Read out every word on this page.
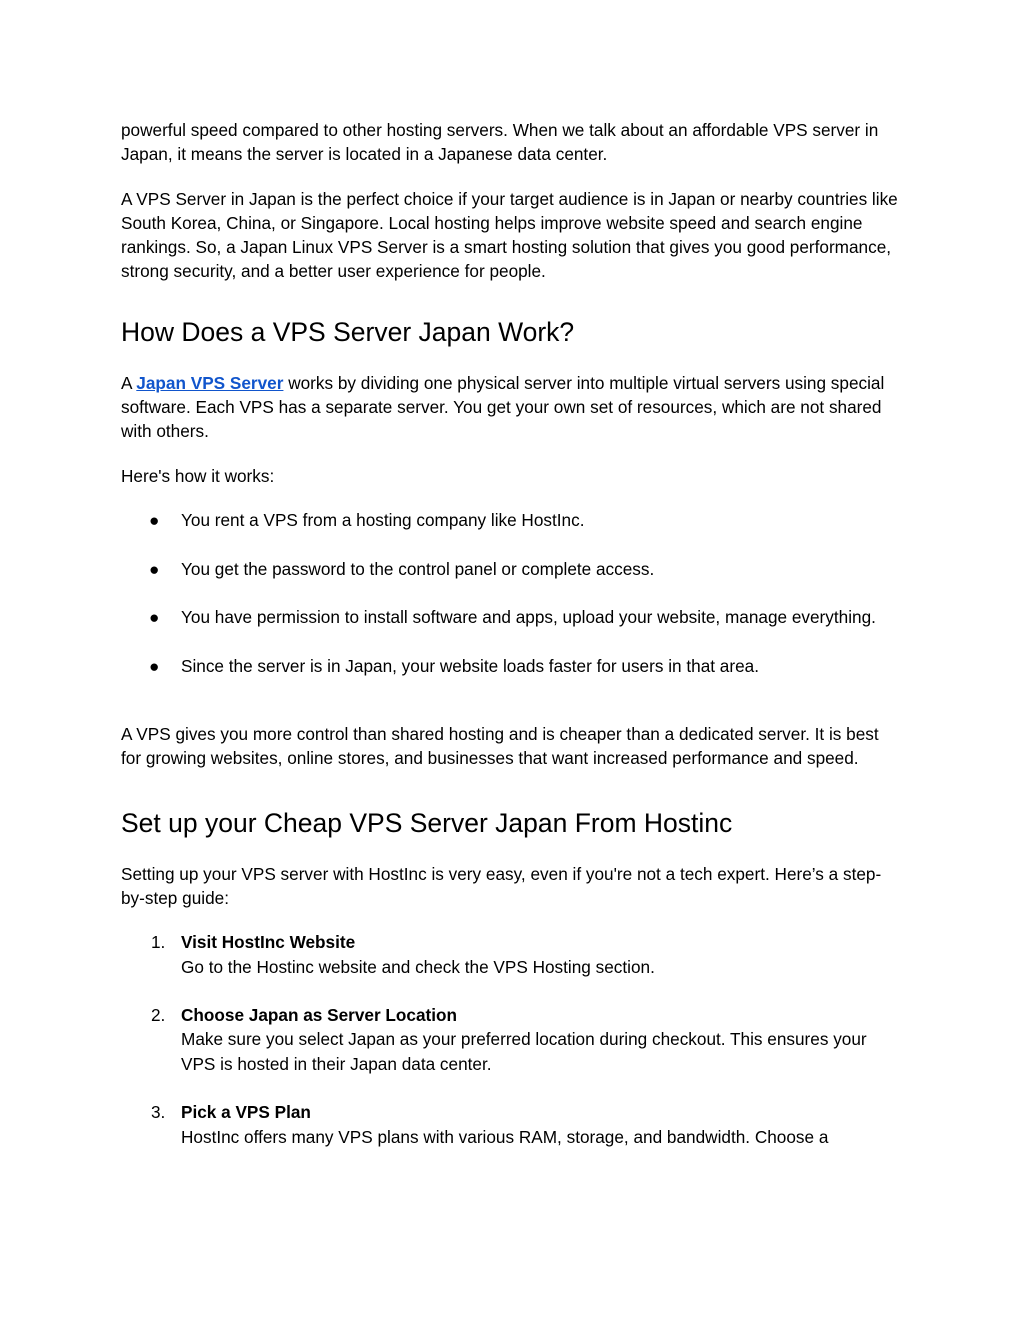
powerful speed compared to other hosting servers. When we talk about an affordable VPS server in Japan, it means the server is located in a Japanese data center.

A VPS Server in Japan is the perfect choice if your target audience is in Japan or nearby countries like South Korea, China, or Singapore. Local hosting helps improve website speed and search engine rankings. So, a Japan Linux VPS Server is a smart hosting solution that gives you good performance, strong security, and a better user experience for people.

How Does a VPS Server Japan Work?

A Japan VPS Server works by dividing one physical server into multiple virtual servers using special software. Each VPS has a separate server. You get your own set of resources, which are not shared with others.

Here's how it works:

● You rent a VPS from a hosting company like HostInc.
● You get the password to the control panel or complete access.
● You have permission to install software and apps, upload your website, manage everything.
● Since the server is in Japan, your website loads faster for users in that area.

A VPS gives you more control than shared hosting and is cheaper than a dedicated server. It is best for growing websites, online stores, and businesses that want increased performance and speed.

Set up your Cheap VPS Server Japan From Hostinc

Setting up your VPS server with HostInc is very easy, even if you're not a tech expert. Here’s a step-by-step guide:

1. Visit HostInc Website
Go to the Hostinc website and check the VPS Hosting section.
2. Choose Japan as Server Location
Make sure you select Japan as your preferred location during checkout. This ensures your VPS is hosted in their Japan data center.
3. Pick a VPS Plan
HostInc offers many VPS plans with various RAM, storage, and bandwidth. Choose a
